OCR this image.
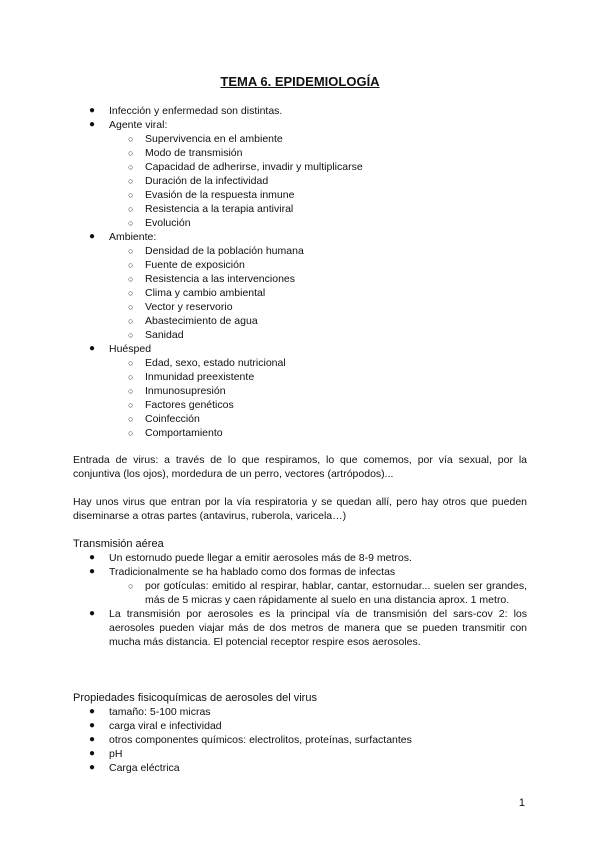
TEMA 6. EPIDEMIOLOGÍA
● Infección y enfermedad son distintas.
● Agente viral:
○ Supervivencia en el ambiente
○ Modo de transmisión
○ Capacidad de adherirse, invadir y multiplicarse
○ Duración de la infectividad
○ Evasión de la respuesta inmune
○ Resistencia a la terapia antiviral
○ Evolución
● Ambiente:
○ Densidad de la población humana
○ Fuente de exposición
○ Resistencia a las intervenciones
○ Clima y cambio ambiental
○ Vector y reservorio
○ Abastecimiento de agua
○ Sanidad
● Huésped
○ Edad, sexo, estado nutricional
○ Inmunidad preexistente
○ Inmunosupresión
○ Factores genéticos
○ Coinfección
○ Comportamiento
Entrada de virus: a través de lo que respiramos, lo que comemos, por vía sexual, por la conjuntiva (los ojos), mordedura de un perro, vectores (artrópodos)...
Hay unos virus que entran por la vía respiratoria y se quedan allí, pero hay otros que pueden diseminarse a otras partes (antavirus, ruberola, varicela…)
Transmisión aérea
● Un estornudo puede llegar a emitir aerosoles más de 8-9 metros.
● Tradicionalmente se ha hablado como dos formas de infectas
○ por gotículas: emitido al respirar, hablar, cantar, estornudar... suelen ser grandes, más de 5 micras y caen rápidamente al suelo en una distancia aprox. 1 metro.
● La transmisión por aerosoles es la principal vía de transmisión del sars-cov 2: los aerosoles pueden viajar más de dos metros de manera que se pueden transmitir con mucha más distancia. El potencial receptor respire esos aerosoles.
Propiedades fisicoquímicas de aerosoles del virus
● tamaño: 5-100 micras
● carga viral e infectividad
● otros componentes químicos: electrolitos, proteínas, surfactantes
● pH
● Carga eléctrica
1
